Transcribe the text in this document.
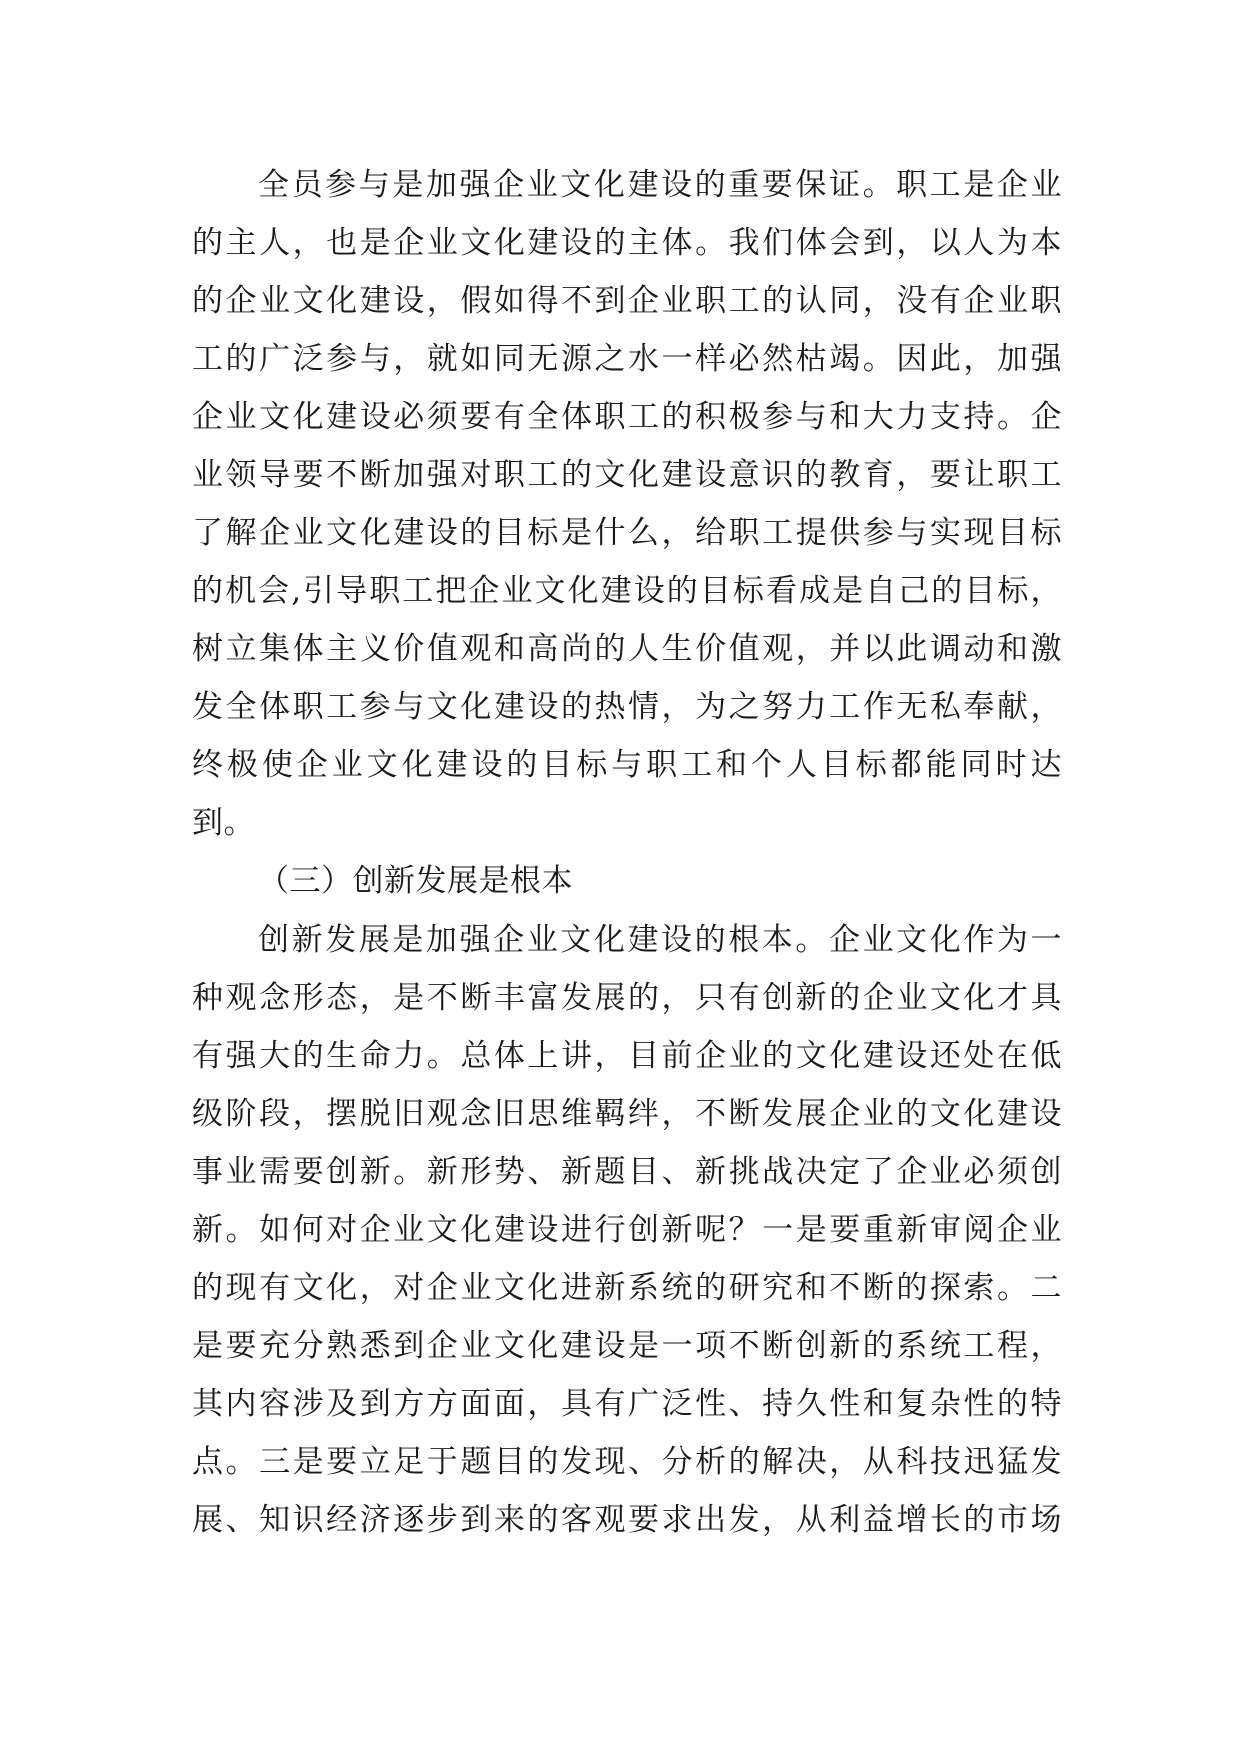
全员参与是加强企业文化建设的重要保证。职工是企业
的主人，也是企业文化建设的主体。我们体会到，以人为本
的企业文化建设，假如得不到企业职工的认同，没有企业职
工的广泛参与，就如同无源之水一样必然枯竭。因此，加强
企业文化建设必须要有全体职工的积极参与和大力支持。企
业领导要不断加强对职工的文化建设意识的教育，要让职工
了解企业文化建设的目标是什么，给职工提供参与实现目标
的机会,引导职工把企业文化建设的目标看成是自己的目标，
树立集体主义价值观和高尚的人生价值观，并以此调动和激
发全体职工参与文化建设的热情，为之努力工作无私奉献，
终极使企业文化建设的目标与职工和个人目标都能同时达
到。
（三）创新发展是根本
创新发展是加强企业文化建设的根本。企业文化作为一
种观念形态，是不断丰富发展的，只有创新的企业文化才具
有强大的生命力。总体上讲，目前企业的文化建设还处在低
级阶段，摆脱旧观念旧思维羁绊，不断发展企业的文化建设
事业需要创新。新形势、新题目、新挑战决定了企业必须创
新。如何对企业文化建设进行创新呢？一是要重新审阅企业
的现有文化，对企业文化进新系统的研究和不断的探索。二
是要充分熟悉到企业文化建设是一项不断创新的系统工程，
其内容涉及到方方面面，具有广泛性、持久性和复杂性的特
点。三是要立足于题目的发现、分析的解决，从科技迅猛发
展、知识经济逐步到来的客观要求出发，从利益增长的市场
